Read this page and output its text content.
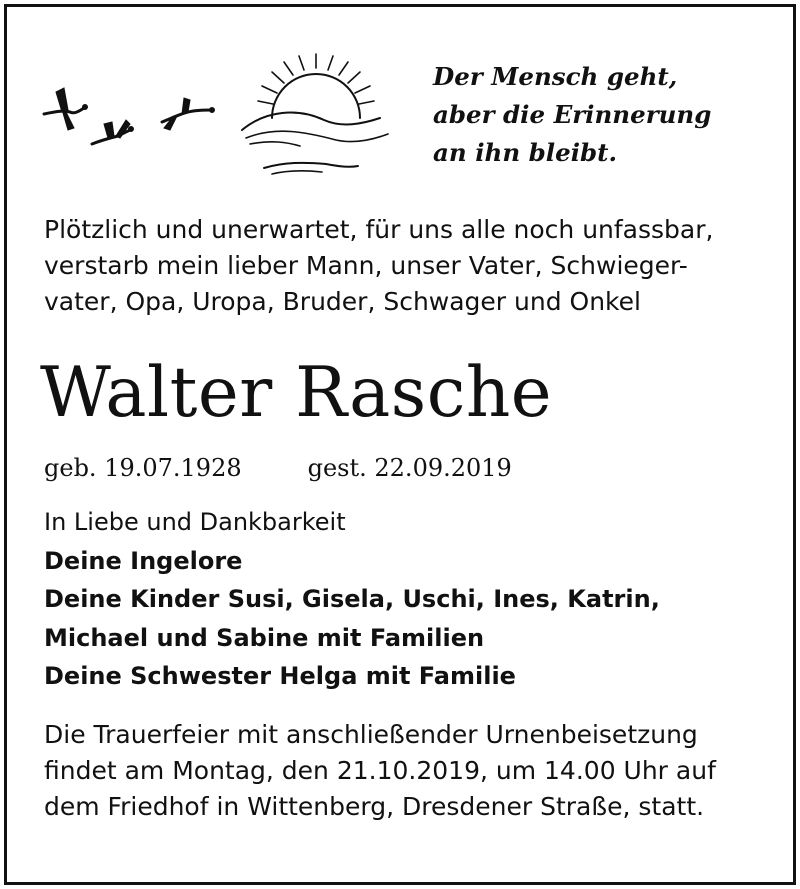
Der Mensch geht,
aber die Erinnerung
an ihn bleibt.
Plötzlich und unerwartet, für uns alle noch unfassbar,
verstarb mein lieber Mann, unser Vater, Schwieger-
vater, Opa, Uropa, Bruder, Schwager und Onkel
Walter Rasche
geb. 19.07.1928	gest. 22.09.2019
In Liebe und Dankbarkeit
Deine Ingelore
Deine Kinder Susi, Gisela, Uschi, Ines, Katrin,
Michael und Sabine mit Familien
Deine Schwester Helga mit Familie
Die Trauerfeier mit anschließender Urnenbeisetzung
findet am Montag, den 21.10.2019, um 14.00 Uhr auf
dem Friedhof in Wittenberg, Dresdener Straße, statt.
